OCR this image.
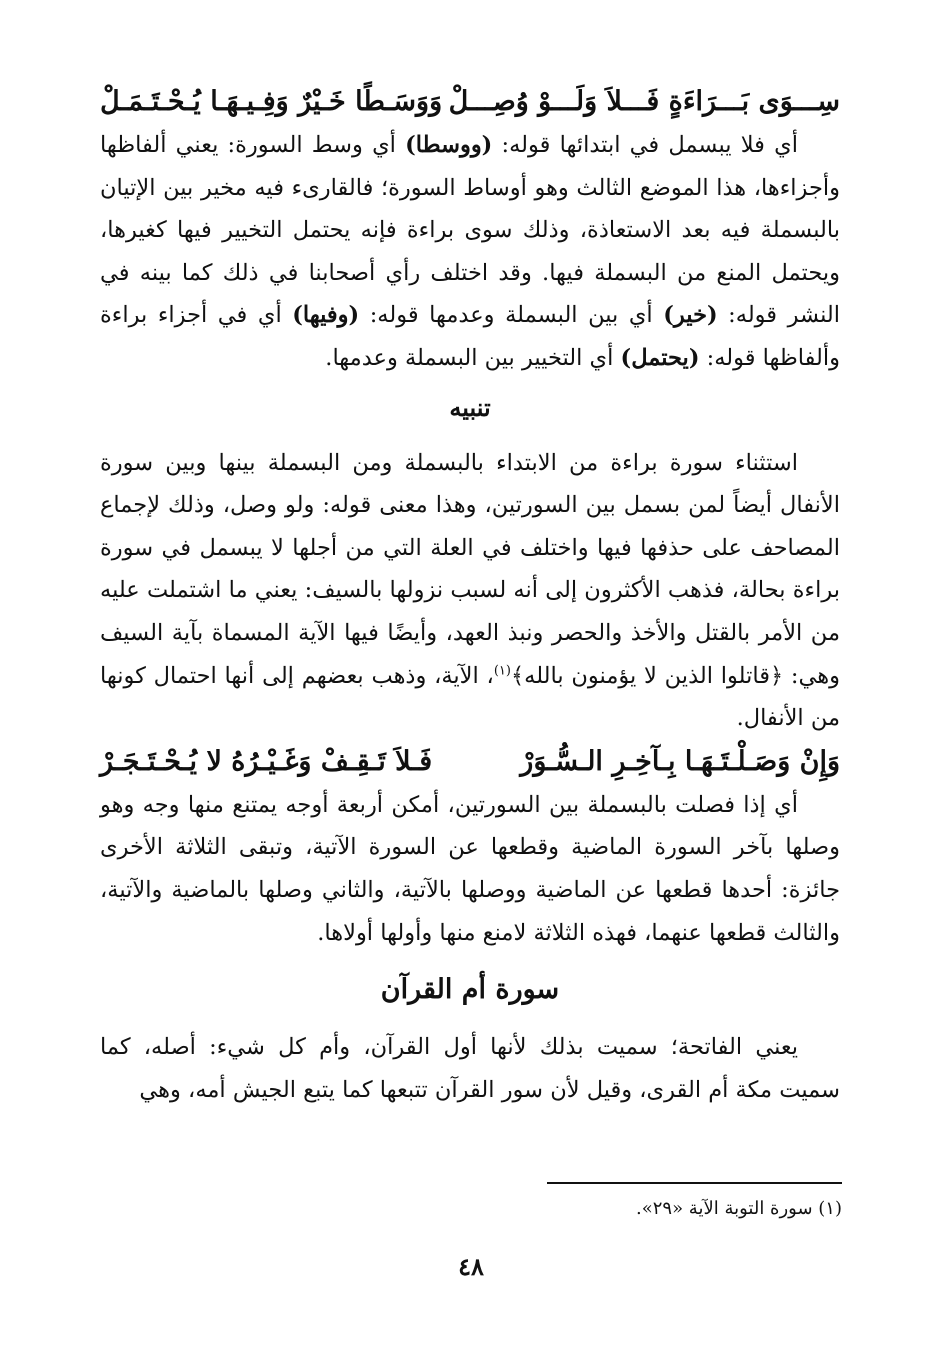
سِـــوَى بَـــرَاءَةٍ فَـــلاَ وَلَـــوْ وُصِـــلْ
وَوَسَـطًا خَـيْرٌ وَفِـيـهَـا يُـحْـتَـمَـلْ

أي فلا يبسمل في ابتدائها قوله: (ووسطا) أي وسط السورة: يعني ألفاظها وأجزاءها، هذا الموضع الثالث وهو أوساط السورة؛ فالقارىء فيه مخير بين الإتيان بالبسملة فيه بعد الاستعاذة، وذلك سوى براءة فإنه يحتمل التخيير فيها كغيرها، ويحتمل المنع من البسملة فيها. وقد اختلف رأي أصحابنا في ذلك كما بينه في النشر قوله: (خير) أي بين البسملة وعدمها قوله: (وفيها) أي في أجزاء براءة وألفاظها قوله: (يحتمل) أي التخيير بين البسملة وعدمها.

تنبيه

استثناء سورة براءة من الابتداء بالبسملة ومن البسملة بينها وبين سورة الأنفال أيضاً لمن بسمل بين السورتين، وهذا معنى قوله: ولو وصل، وذلك لإجماع المصاحف على حذفها فيها واختلف في العلة التي من أجلها لا يبسمل في سورة براءة بحالة، فذهب الأكثرون إلى أنه لسبب نزولها بالسيف: يعني ما اشتملت عليه من الأمر بالقتل والأخذ والحصر ونبذ العهد، وأيضًا فيها الآية المسماة بآية السيف وهي: ﴿قاتلوا الذين لا يؤمنون بالله﴾$^{(١)}$، الآية، وذهب بعضهم إلى أنها احتمال كونها من الأنفال.

وَإِنْ وَصَـلْـتَـهَـا بِـآخِـرِ الـسُّـوَرْ
فَـلاَ تَـقِـفْ وَغَـيْـرُهُ لا يُـحْـتَـجَـرْ

أي إذا فصلت بالبسملة بين السورتين، أمكن أربعة أوجه يمتنع منها وجه وهو وصلها بآخر السورة الماضية وقطعها عن السورة الآتية، وتبقى الثلاثة الأخرى جائزة: أحدها قطعها عن الماضية ووصلها بالآتية، والثاني وصلها بالماضية والآتية، والثالث قطعها عنهما، فهذه الثلاثة لامنع منها وأولها أولاها.

سورة أم القرآن

يعني الفاتحة؛ سميت بذلك لأنها أول القرآن، وأم كل شيء: أصله، كما سميت مكة أم القرى، وقيل لأن سور القرآن تتبعها كما يتبع الجيش أمه، وهي

(١) سورة التوبة الآية «٢٩».
٤٨
